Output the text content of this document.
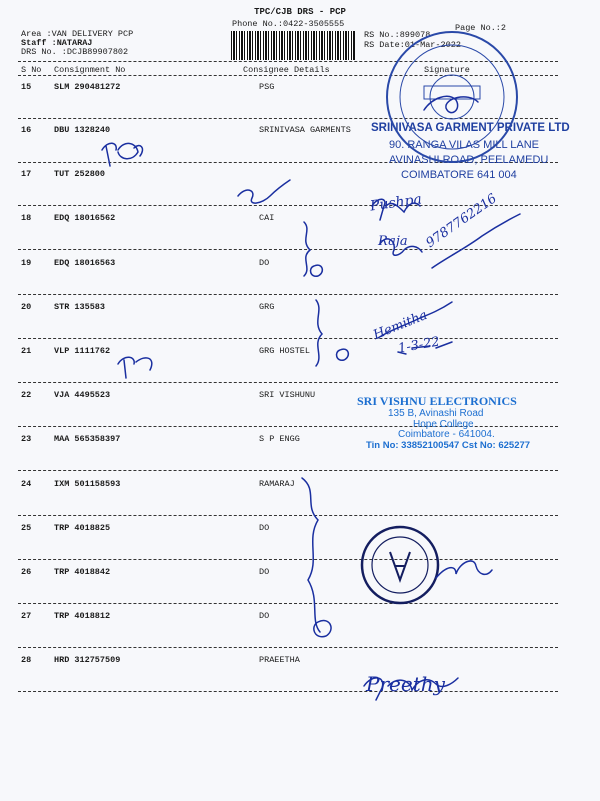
TPC/CJB DRS - PCP
Phone No.:0422-3505555
Area :VAN DELIVERY PCP
Staff :NATARAJ
DRS No. :DCJB89907802
RS No.:899078
RS Date:01-Mar-2022
Page No.:2
S No Consignment No	Consignee Details	Signature
15	SLM 290481272	PSG
16	DBU 1328240	SRINIVASA GARMENTS
17	TUT 252800
18	EDQ 18016562	CAI
19	EDQ 18016563	DO
20	STR 135583	GRG
21	VLP 1111762	GRG HOSTEL
22	VJA 4495523	SRI VISHUNU
23	MAA 565358397	S P ENGG
24	IXM 501158593	RAMARAJ
25	TRP 4018825	DO
26	TRP 4018842	DO
27	TRP 4018812	DO
28	HRD 312757509	PRAEETHA
SRINIVASA GARMENT PRIVATE LTD
90. RANGA VILAS MILL LANE
AVINASHI ROAD, PEELAMEDU
COIMBATORE 641 004
SRI VISHNU ELECTRONICS
135 B, Avinashi Road
Hope College
Coimbatore - 641004.
Tin No: 33852100547 Cst No: 625277
Pushpa
Raja 9787762216
Hemitha
1-3-22
Preethy
